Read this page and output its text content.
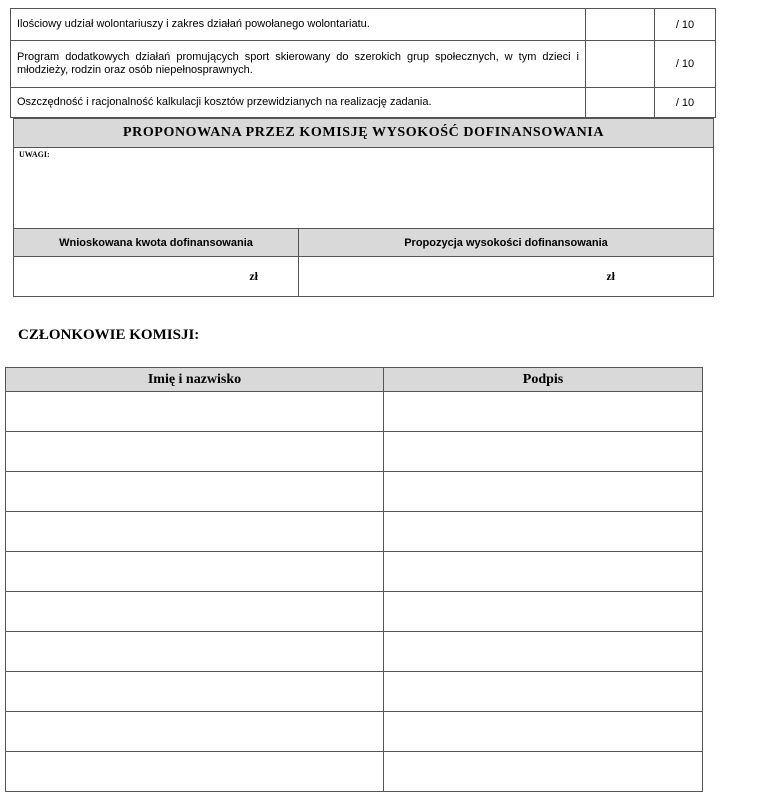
Ilościowy udział wolontariuszy i zakres działań powołanego wolontariatu.		/ 10
Program dodatkowych działań promujących sport skierowany do szerokich grup społecznych, w tym dzieci i młodzieży, rodzin oraz osób niepełnosprawnych.		/ 10
Oszczędność i racjonalność kalkulacji kosztów przewidzianych na realizację zadania.		/ 10
PROPONOWANA PRZEZ KOMISJĘ WYSOKOŚĆ DOFINANSOWANIA	

UWAGI:	

Wnioskowana kwota dofinansowania	Propozycja wysokości dofinansowania
zł	zł
CZŁONKOWIE KOMISJI:
Imię i nazwisko	Podpis
